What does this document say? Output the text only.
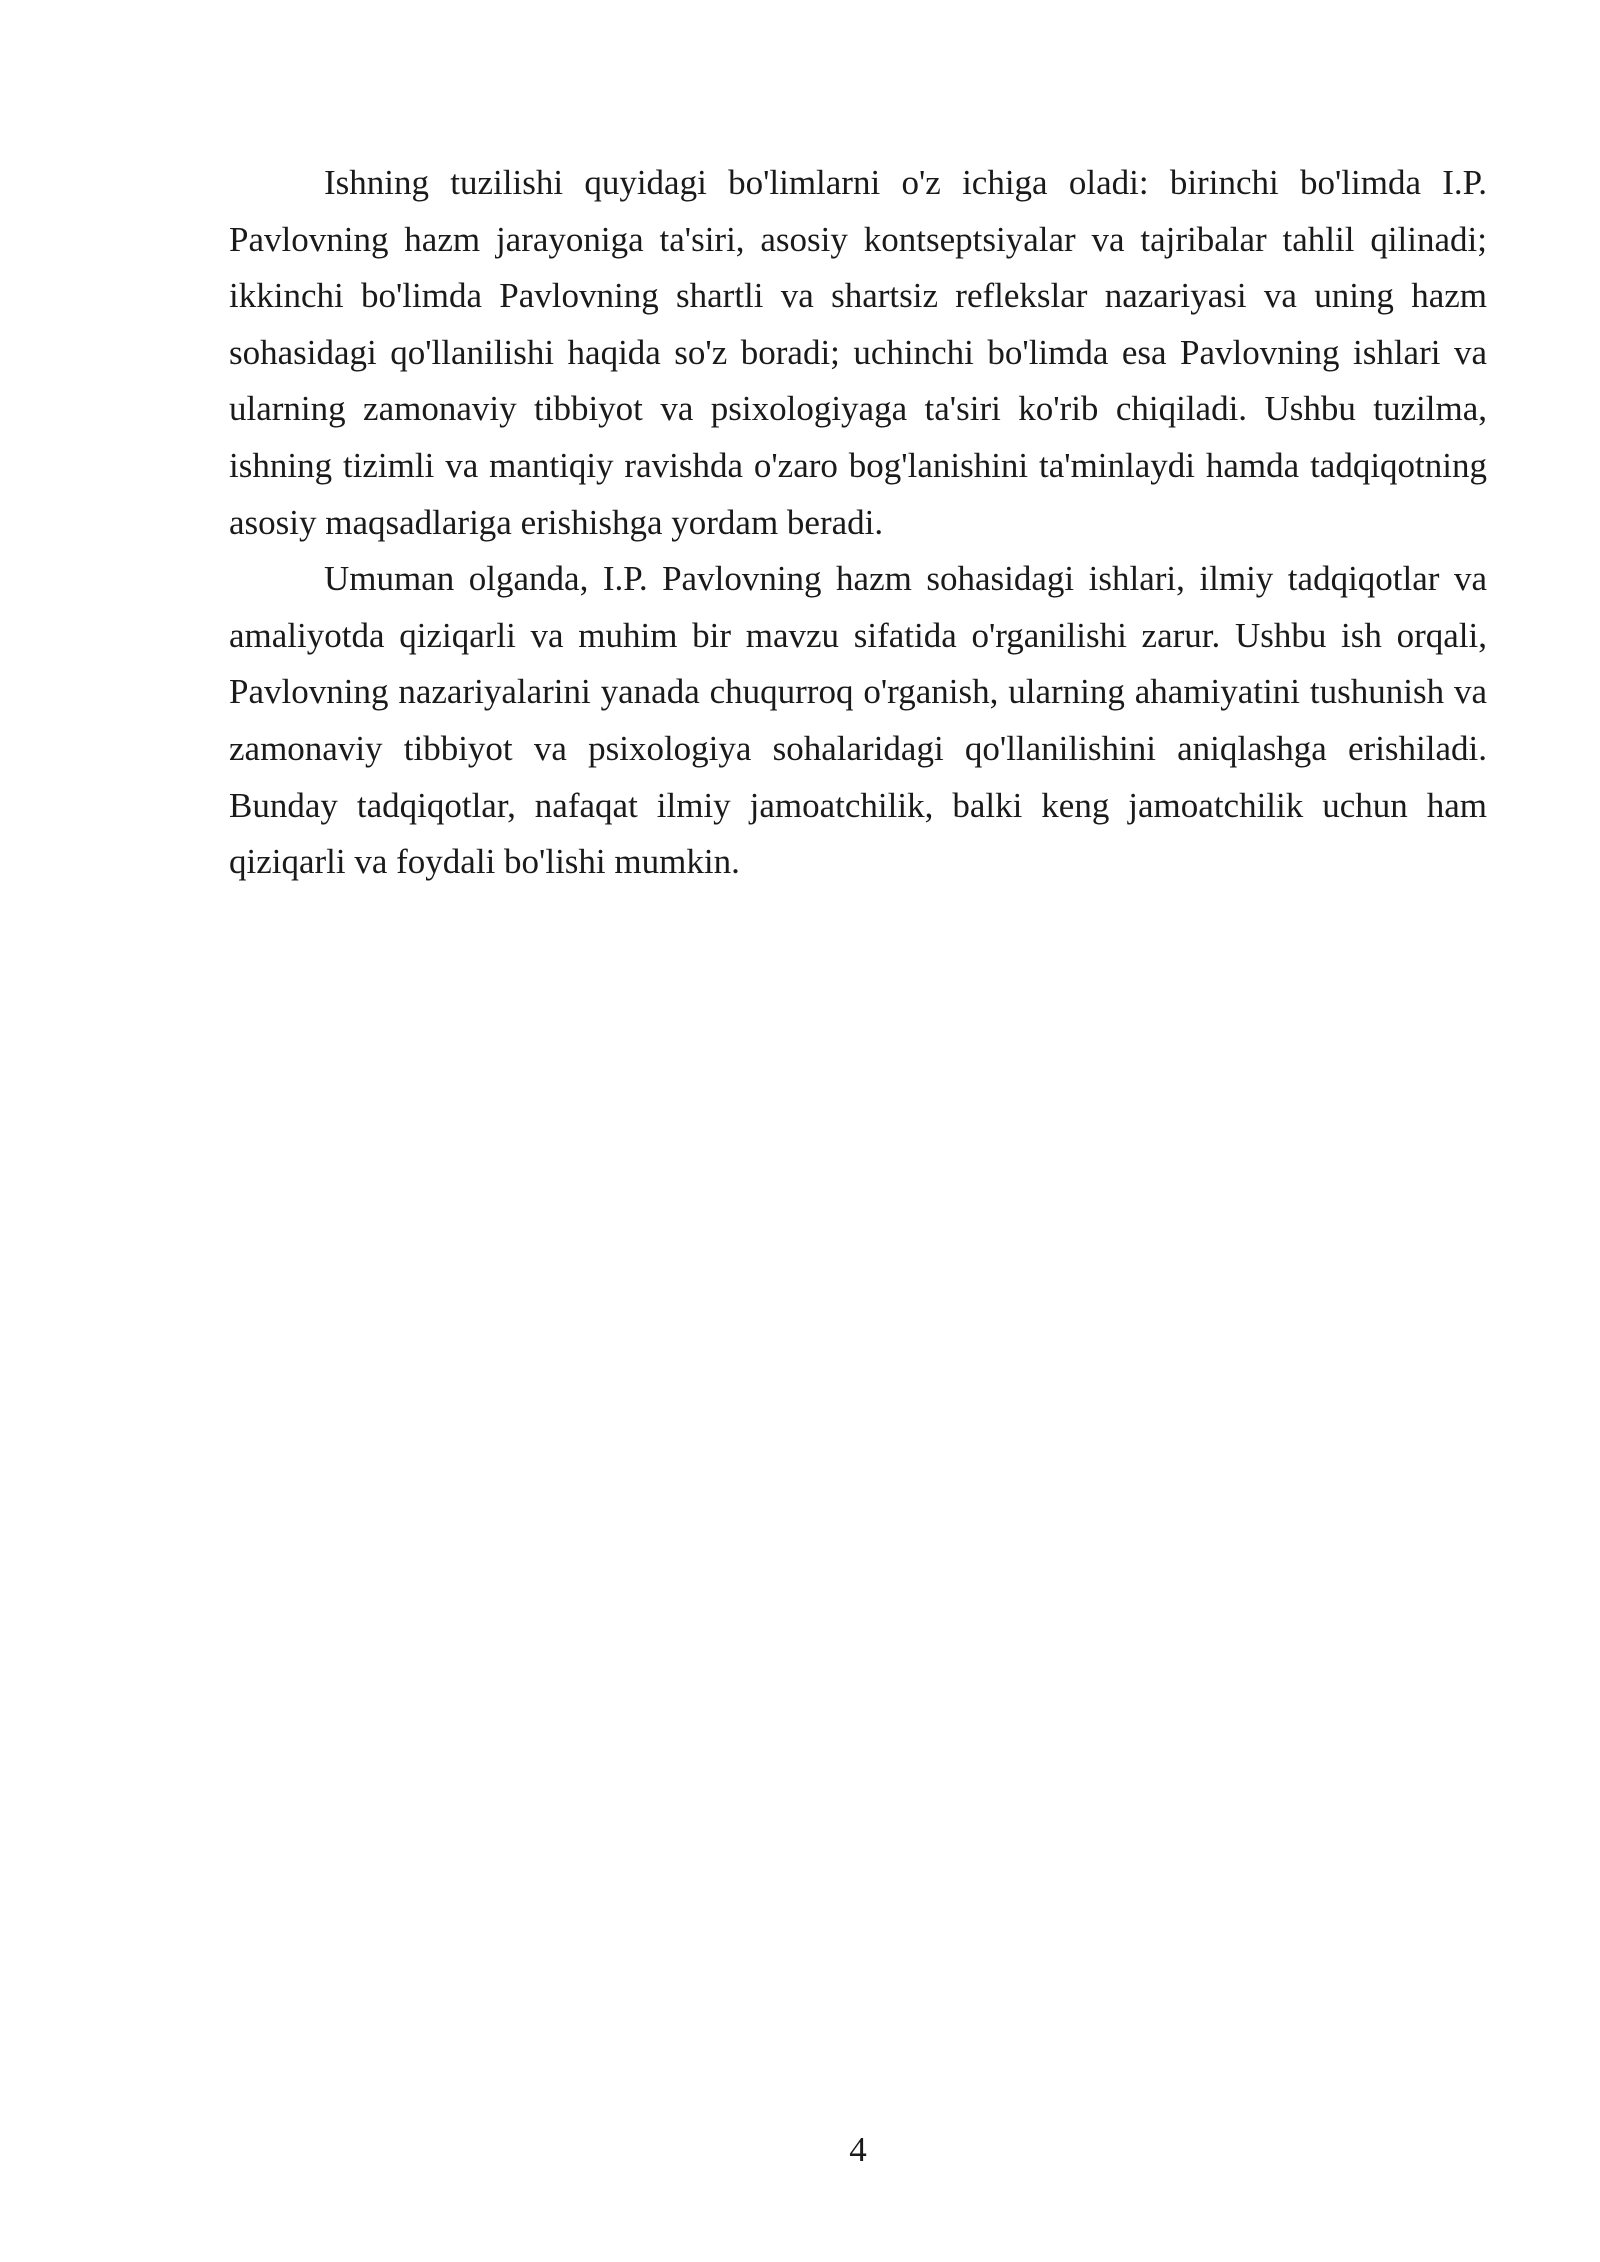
Ishning tuzilishi quyidagi bo'limlarni o'z ichiga oladi: birinchi bo'limda I.P. Pavlovning hazm jarayoniga ta'siri, asosiy kontseptsiyalar va tajribalar tahlil qilinadi; ikkinchi bo'limda Pavlovning shartli va shartsiz reflekslar nazariyasi va uning hazm sohasidagi qo'llanilishi haqida so'z boradi; uchinchi bo'limda esa Pavlovning ishlari va ularning zamonaviy tibbiyot va psixologiyaga ta'siri ko'rib chiqiladi. Ushbu tuzilma, ishning tizimli va mantiqiy ravishda o'zaro bog'lanishini ta'minlaydi hamda tadqiqotning asosiy maqsadlariga erishishga yordam beradi.

Umuman olganda, I.P. Pavlovning hazm sohasidagi ishlari, ilmiy tadqiqotlar va amaliyotda qiziqarli va muhim bir mavzu sifatida o'rganilishi zarur. Ushbu ish orqali, Pavlovning nazariyalarini yanada chuqurroq o'rganish, ularning ahamiyatini tushunish va zamonaviy tibbiyot va psixologiya sohalaridagi qo'llanilishini aniqlashga erishiladi. Bunday tadqiqotlar, nafaqat ilmiy jamoatchilik, balki keng jamoatchilik uchun ham qiziqarli va foydali bo'lishi mumkin.

4
